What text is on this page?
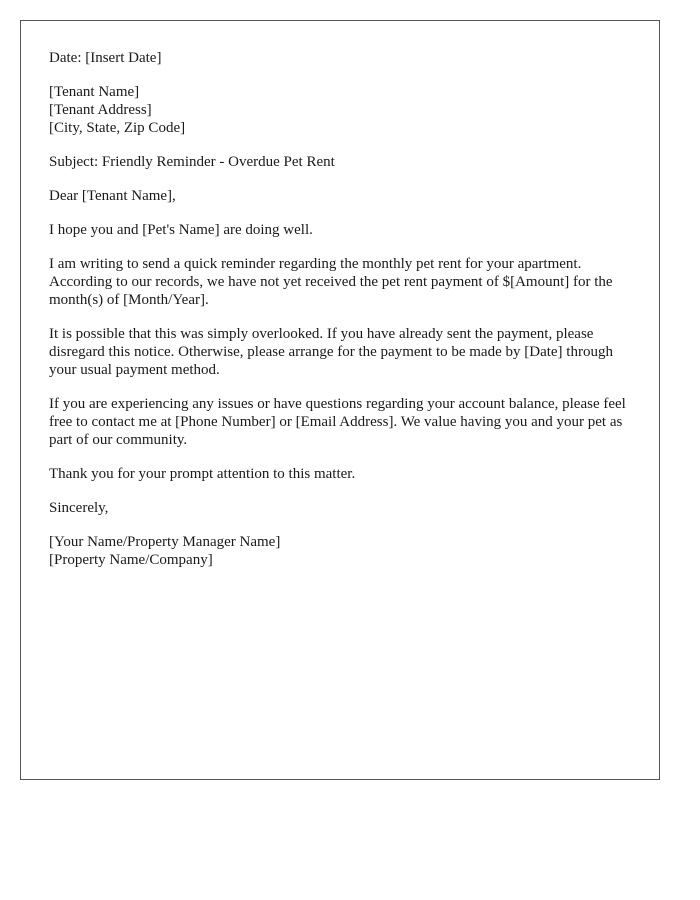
Date: [Insert Date]
[Tenant Name]
[Tenant Address]
[City, State, Zip Code]
Subject: Friendly Reminder - Overdue Pet Rent
Dear [Tenant Name],

I hope you and [Pet's Name] are doing well.

I am writing to send a quick reminder regarding the monthly pet rent for your apartment. According to our records, we have not yet received the pet rent payment of $[Amount] for the month(s) of [Month/Year].

It is possible that this was simply overlooked. If you have already sent the payment, please disregard this notice. Otherwise, please arrange for the payment to be made by [Date] through your usual payment method.

If you are experiencing any issues or have questions regarding your account balance, please feel free to contact me at [Phone Number] or [Email Address]. We value having you and your pet as part of our community.

Thank you for your prompt attention to this matter.

Sincerely,
[Your Name/Property Manager Name]
[Property Name/Company]
